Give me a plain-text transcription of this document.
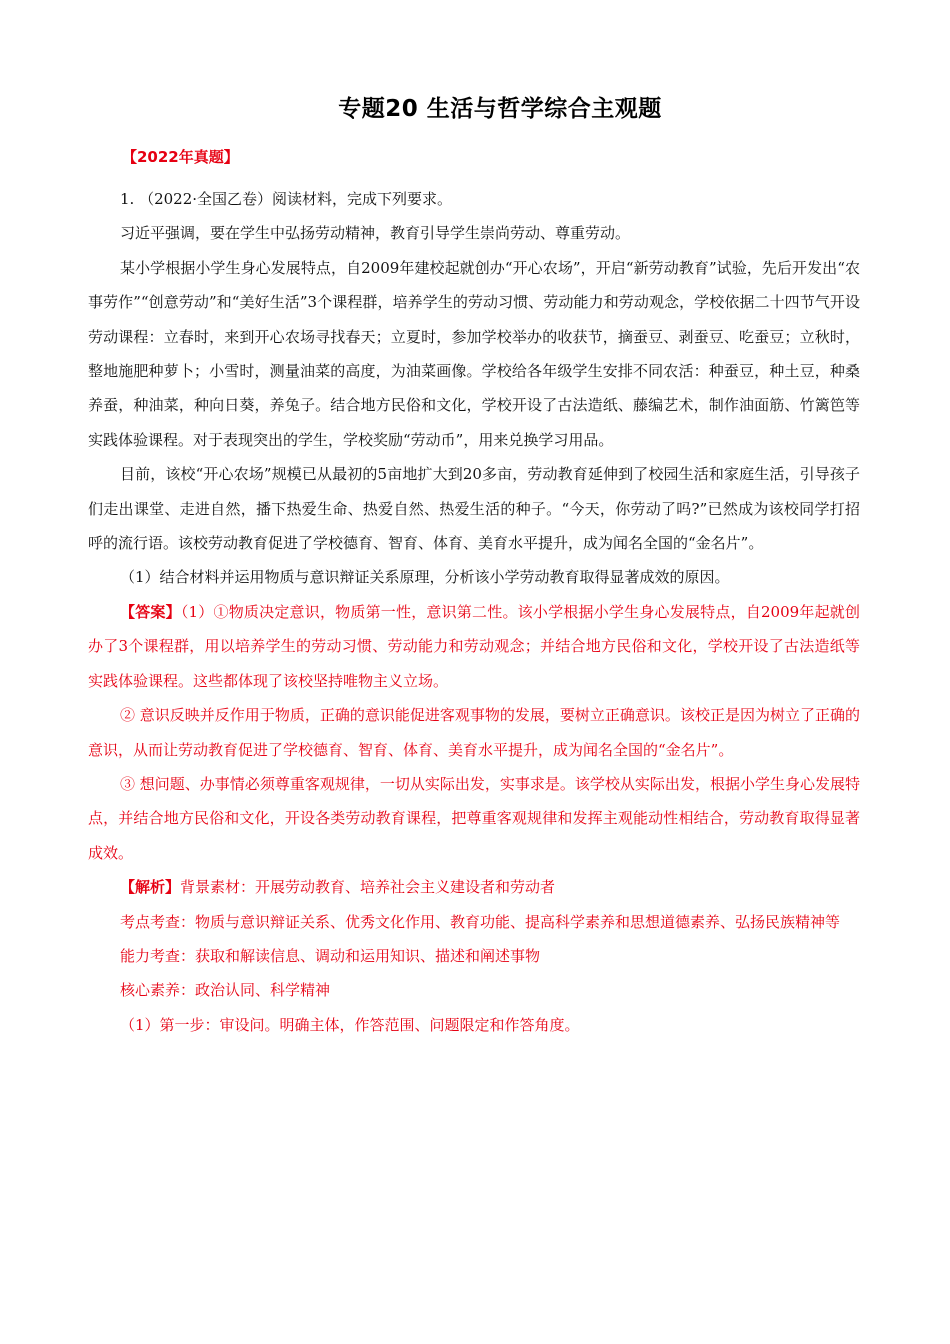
专题20 生活与哲学综合主观题
【2022年真题】

1. （2022·全国乙卷）阅读材料，完成下列要求。

习近平强调，要在学生中弘扬劳动精神，教育引导学生崇尚劳动、尊重劳动。

某小学根据小学生身心发展特点，自2009年建校起就创办“开心农场”，开启“新劳动教育”试验，先后开发出“农事劳作”“创意劳动”和“美好生活”3个课程群，培养学生的劳动习惯、劳动能力和劳动观念，学校依据二十四节气开设劳动课程：立春时，来到开心农场寻找春天；立夏时，参加学校举办的收获节，摘蚕豆、剥蚕豆、吃蚕豆；立秋时，整地施肥种萝卜；小雪时，测量油菜的高度，为油菜画像。学校给各年级学生安排不同农活：种蚕豆，种土豆，种桑养蚕，种油菜，种向日葵，养兔子。结合地方民俗和文化，学校开设了古法造纸、藤编艺术，制作油面筋、竹篱笆等实践体验课程。对于表现突出的学生，学校奖励“劳动币”，用来兑换学习用品。

目前，该校“开心农场”规模已从最初的5亩地扩大到20多亩，劳动教育延伸到了校园生活和家庭生活，引导孩子们走出课堂、走进自然，播下热爱生命、热爱自然、热爱生活的种子。“今天，你劳动了吗?”已然成为该校同学打招呼的流行语。该校劳动教育促进了学校德育、智育、体育、美育水平提升，成为闻名全国的“金名片”。

（1）结合材料并运用物质与意识辩证关系原理，分析该小学劳动教育取得显著成效的原因。

【答案】（1）①物质决定意识，物质第一性，意识第二性。该小学根据小学生身心发展特点，自2009年起就创办了3个课程群，用以培养学生的劳动习惯、劳动能力和劳动观念；并结合地方民俗和文化，学校开设了古法造纸等实践体验课程。这些都体现了该校坚持唯物主义立场。

② 意识反映并反作用于物质，正确的意识能促进客观事物的发展，要树立正确意识。该校正是因为树立了正确的意识，从而让劳动教育促进了学校德育、智育、体育、美育水平提升，成为闻名全国的“金名片”。

③ 想问题、办事情必须尊重客观规律，一切从实际出发，实事求是。该学校从实际出发，根据小学生身心发展特点，并结合地方民俗和文化，开设各类劳动教育课程，把尊重客观规律和发挥主观能动性相结合，劳动教育取得显著成效。

【解析】背景素材：开展劳动教育、培养社会主义建设者和劳动者

考点考查：物质与意识辩证关系、优秀文化作用、教育功能、提高科学素养和思想道德素养、弘扬民族精神等

能力考查：获取和解读信息、调动和运用知识、描述和阐述事物

核心素养：政治认同、科学精神

（1）第一步：审设问。明确主体，作答范围、问题限定和作答角度。
